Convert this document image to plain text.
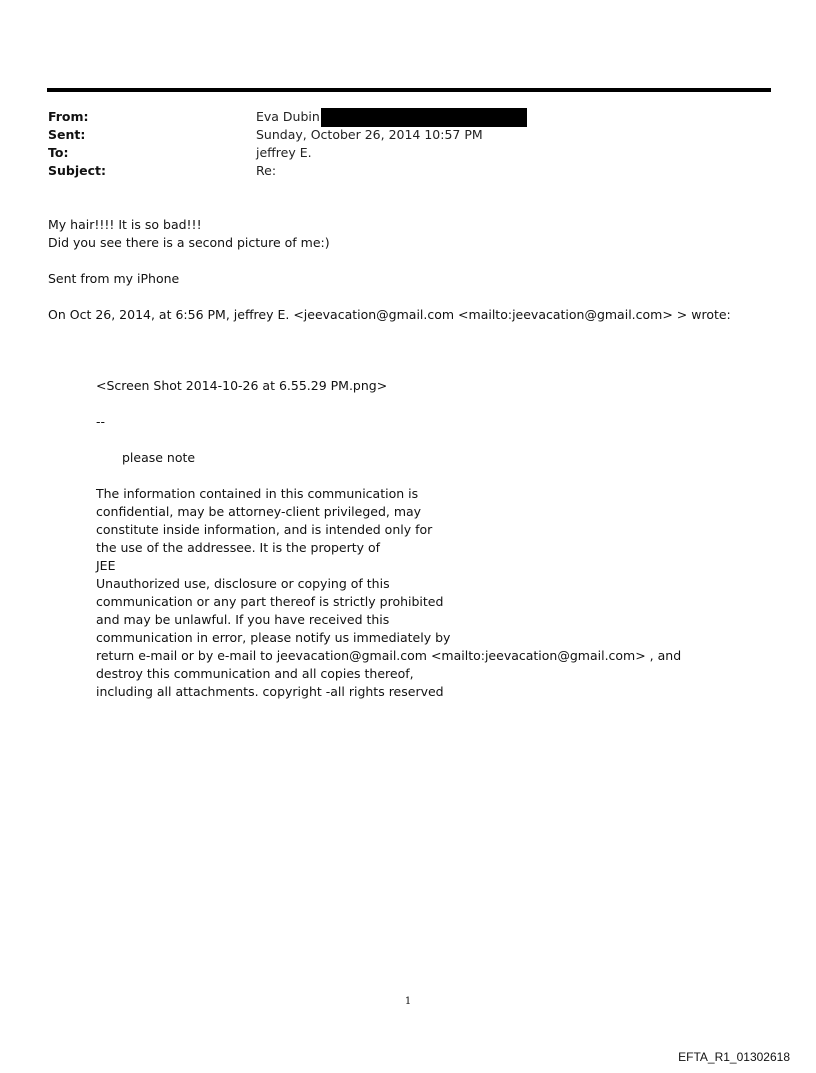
From:	Eva Dubin
Sent:	Sunday, October 26, 2014 10:57 PM
To:	jeffrey E.
Subject:	Re:
My hair!!!! It is so bad!!!
Did you see there is a second picture of me:)
Sent from my iPhone
On Oct 26, 2014, at 6:56 PM, jeffrey E. <jeevacation@gmail.com <mailto:jeevacation@gmail.com> > wrote:
<Screen Shot 2014-10-26 at 6.55.29 PM.png>
--
please note
The information contained in this communication is
confidential, may be attorney-client privileged, may
constitute inside information, and is intended only for
the use of the addressee. It is the property of
JEE
Unauthorized use, disclosure or copying of this
communication or any part thereof is strictly prohibited
and may be unlawful. If you have received this
communication in error, please notify us immediately by
return e-mail or by e-mail to jeevacation@gmail.com <mailto:jeevacation@gmail.com> , and
destroy this communication and all copies thereof,
including all attachments. copyright -all rights reserved
1
EFTA_R1_01302618
